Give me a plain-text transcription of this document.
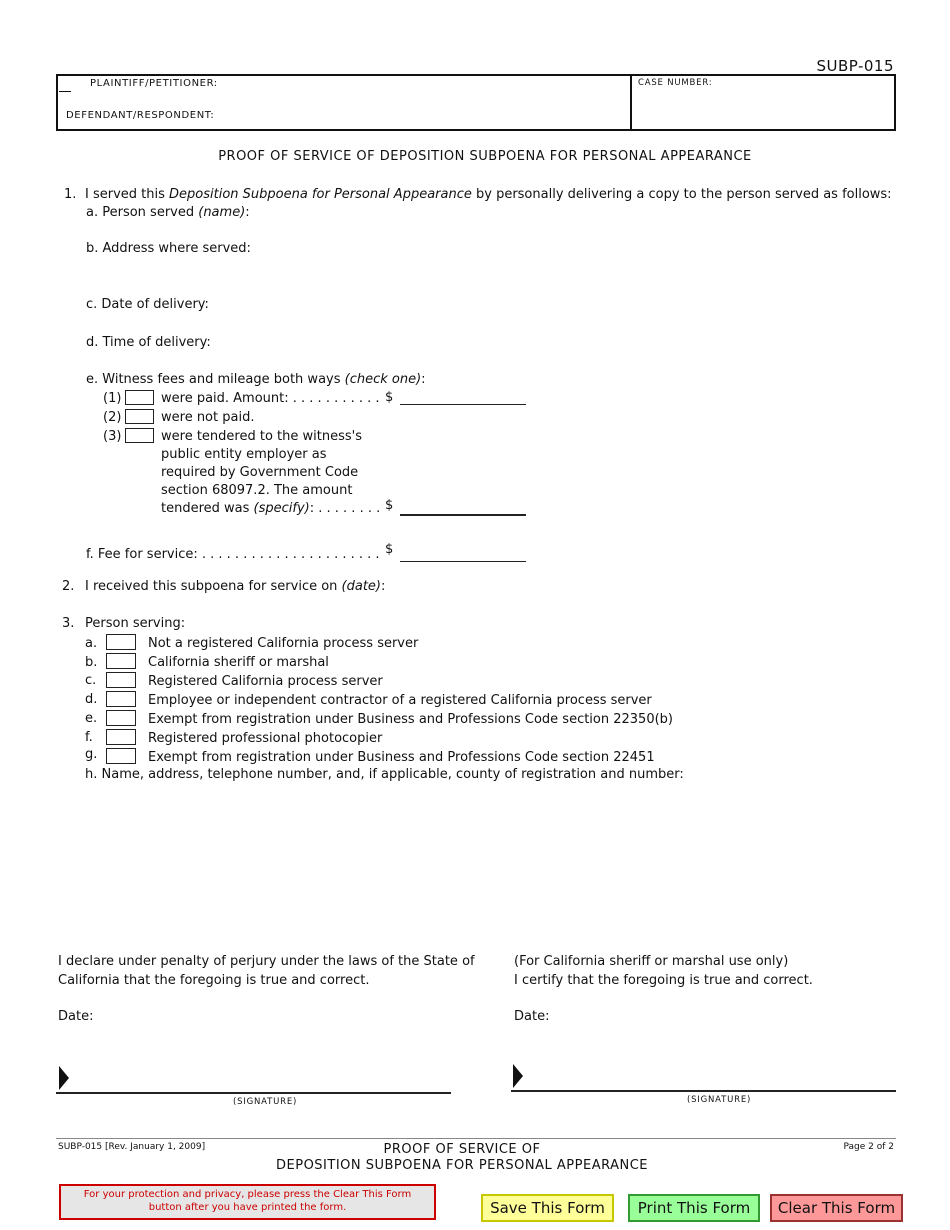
SUBP-015
PLAINTIFF/PETITIONER:
DEFENDANT/RESPONDENT:
CASE NUMBER:
PROOF OF SERVICE OF DEPOSITION SUBPOENA FOR PERSONAL APPEARANCE
1. I served this Deposition Subpoena for Personal Appearance by personally delivering a copy to the person served as follows:
a. Person served (name):
b. Address where served:
c. Date of delivery:
d. Time of delivery:
e. Witness fees and mileage both ways (check one):
(1)	were paid. Amount: . . . . . . . . . . . $
(2)	were not paid.
(3)	were tendered to the witness's
public entity employer as
required by Government Code
section 68097.2. The amount
tendered was (specify): . . . . . . . . $
f. Fee for service: . . . . . . . . . . . . . . . . . . . . . . $
2. I received this subpoena for service on (date):
3. Person serving:
a.	Not a registered California process server
b.	California sheriff or marshal
c.	Registered California process server
d.	Employee or independent contractor of a registered California process server
e.	Exempt from registration under Business and Professions Code section 22350(b)
f.	Registered professional photocopier
g.	Exempt from registration under Business and Professions Code section 22451
h. Name, address, telephone number, and, if applicable, county of registration and number:
I declare under penalty of perjury under the laws of the State of
California that the foregoing is true and correct.
Date:
(For California sheriff or marshal use only)
I certify that the foregoing is true and correct.
Date:
(SIGNATURE)	(SIGNATURE)
SUBP-015 [Rev. January 1, 2009]	PROOF OF SERVICE OF
DEPOSITION SUBPOENA FOR PERSONAL APPEARANCE
Page 2 of 2
For your protection and privacy, please press the Clear This Form button after you have printed the form.	Save This Form	Print This Form	Clear This Form
